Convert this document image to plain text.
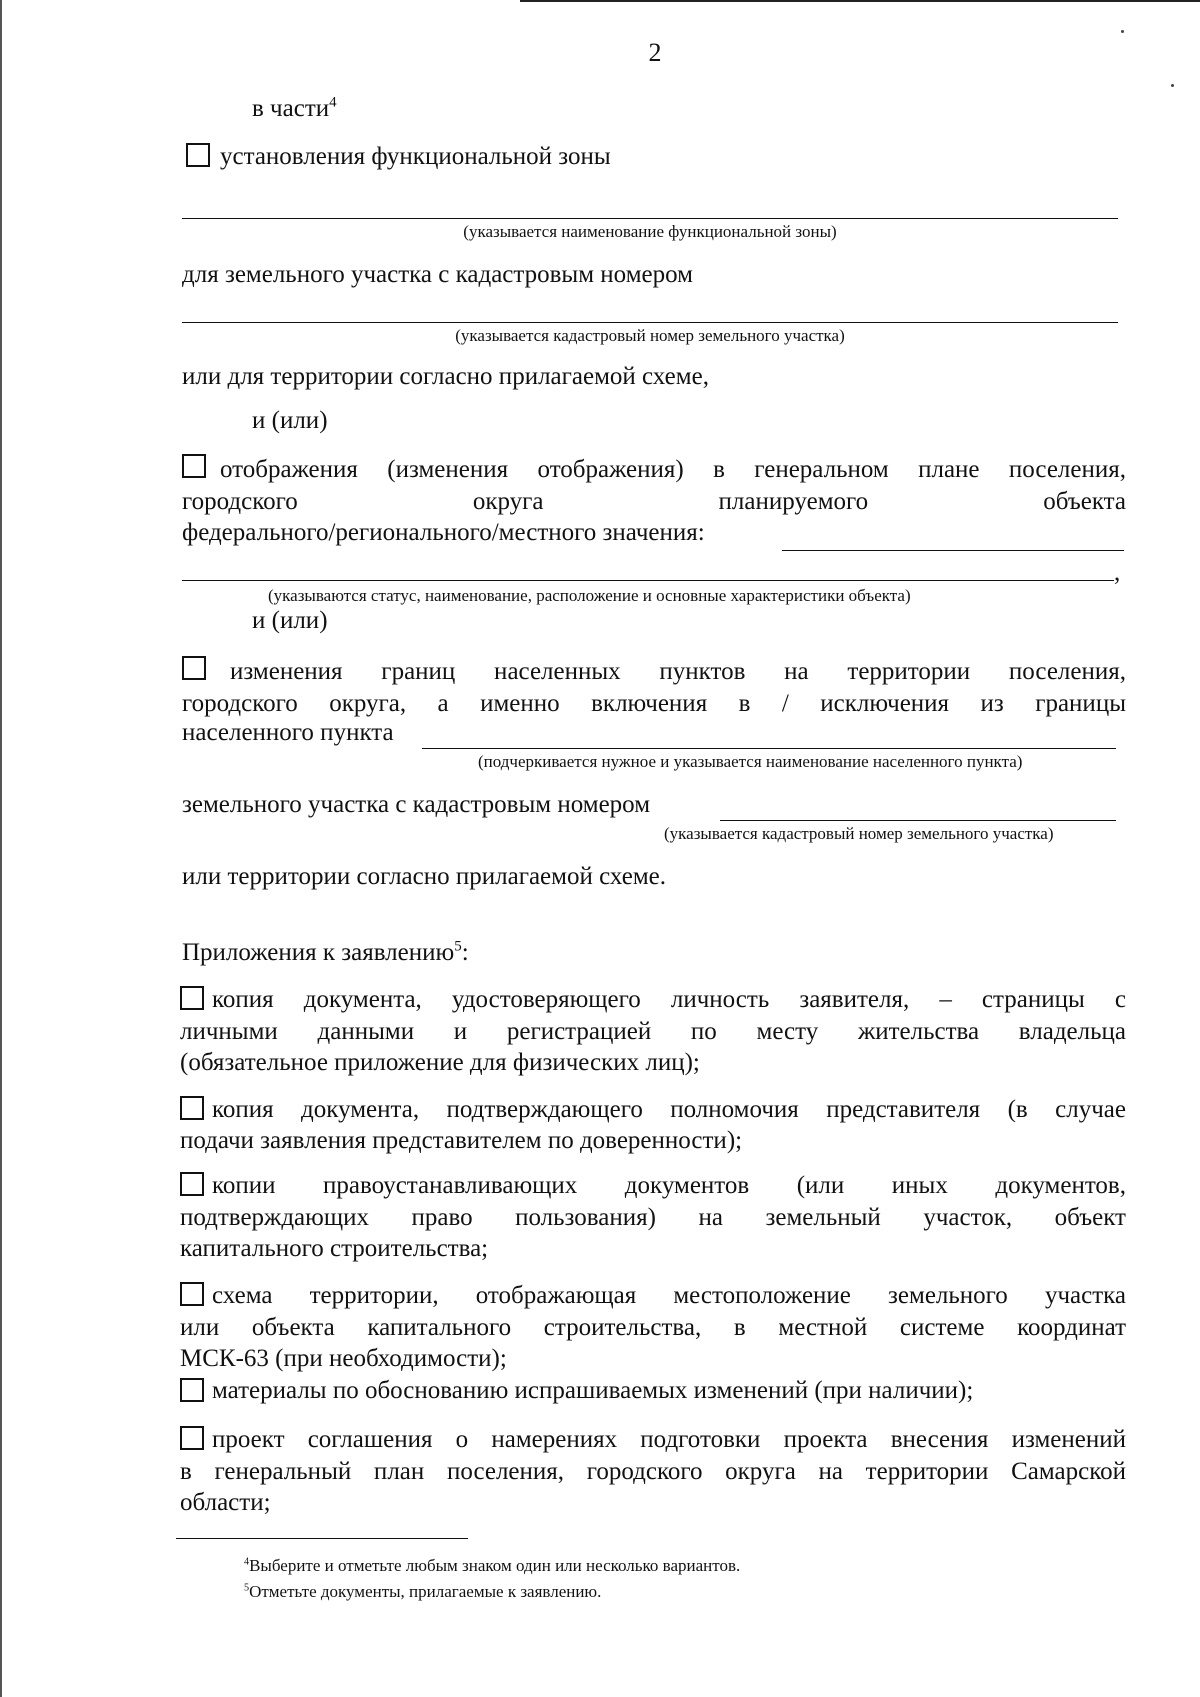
2
в части$^4$
установления функциональной зоны
(указывается наименование функциональной зоны)
для земельного участка с кадастровым номером
(указывается кадастровый номер земельного участка)
или для территории согласно прилагаемой схеме,
и (или)
отображения (изменения отображения) в генеральном плане поселения,
городского округа планируемого объекта
федерального/регионального/местного значения:
,
(указываются статус, наименование, расположение и основные характеристики объекта)
и (или)
изменения границ населенных пунктов на территории поселения,
городского округа, а именно включения в / исключения из границы
населенного пункта
(подчеркивается нужное и указывается наименование населенного пункта)
земельного участка с кадастровым номером
(указывается кадастровый номер земельного участка)
или территории согласно прилагаемой схеме.
Приложения к заявлению$^5$:
копия документа, удостоверяющего личность заявителя, – страницы с
личными данными и регистрацией по месту жительства владельца
(обязательное приложение для физических лиц);
копия документа, подтверждающего полномочия представителя (в случае
подачи заявления представителем по доверенности);
копии правоустанавливающих документов (или иных документов,
подтверждающих право пользования) на земельный участок, объект
капитального строительства;
схема территории, отображающая местоположение земельного участка
или объекта капитального строительства, в местной системе координат
МСК-63 (при необходимости);
материалы по обоснованию испрашиваемых изменений (при наличии);
проект соглашения о намерениях подготовки проекта внесения изменений
в генеральный план поселения, городского округа на территории Самарской
области;
$^4$Выберите и отметьте любым знаком один или несколько вариантов.
$^5$Отметьте документы, прилагаемые к заявлению.
